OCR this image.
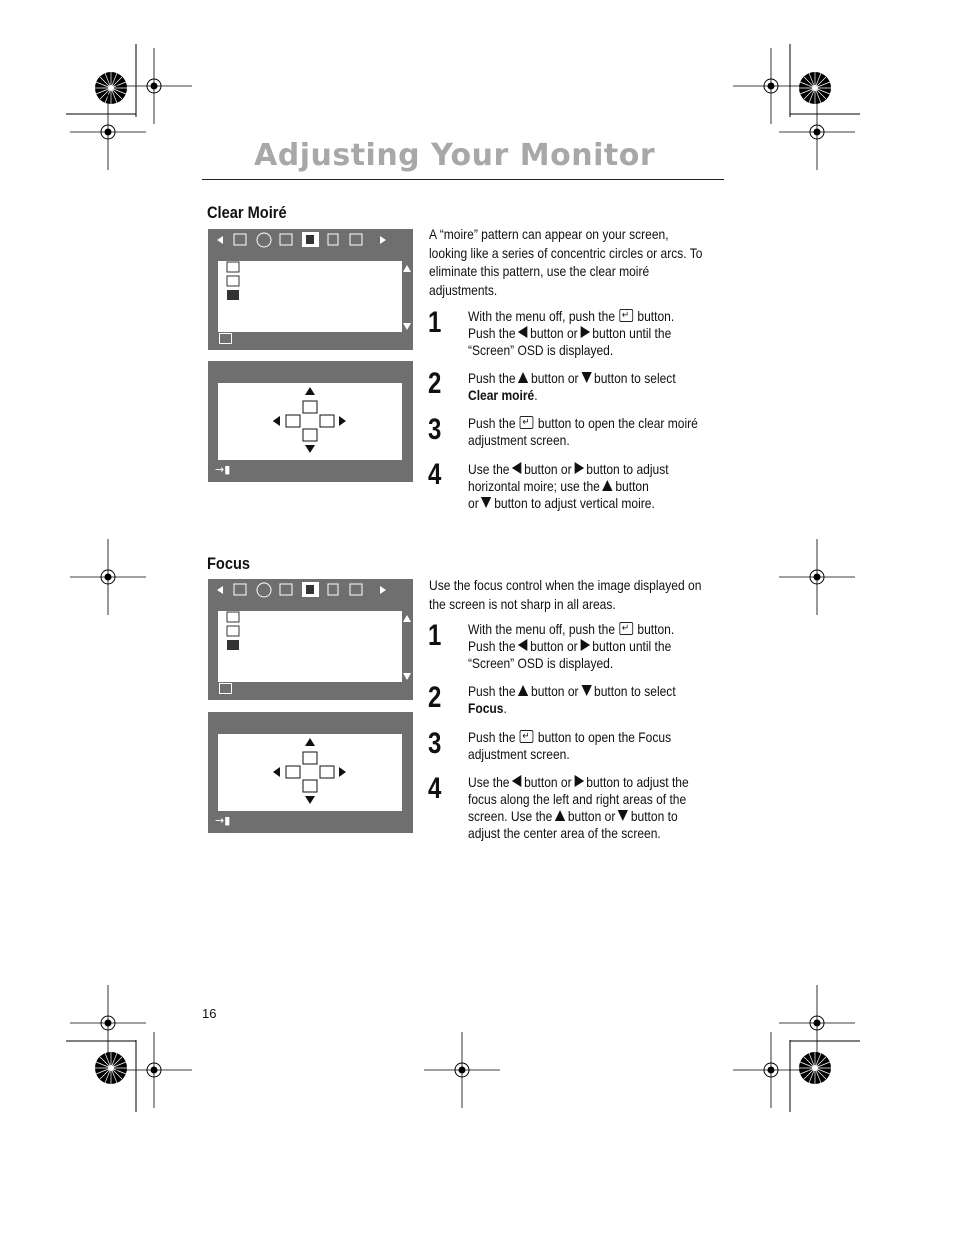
Adjusting Your Monitor
Clear Moiré
→▮
A “moire” pattern can appear on your screen,
looking like a series of concentric circles or arcs. To
eliminate this pattern, use the clear moiré
adjustments.
1 With the menu off, push the ↵ button.
Push the button or button until the
“Screen” OSD is displayed.
2 Push the button or button to select
Clear moiré.
3 Push the ↵ button to open the clear moiré
adjustment screen.
4 Use the button or button to adjust
horizontal moire; use the button
or button to adjust vertical moire.
Focus
→▮
Use the focus control when the image displayed on
the screen is not sharp in all areas.
1 With the menu off, push the ↵ button.
Push the button or button until the
“Screen” OSD is displayed.
2 Push the button or button to select
Focus.
3 Push the ↵ button to open the Focus
adjustment screen.
4 Use the button or button to adjust the
focus along the left and right areas of the
screen. Use the button or button to
adjust the center area of the screen.
16
